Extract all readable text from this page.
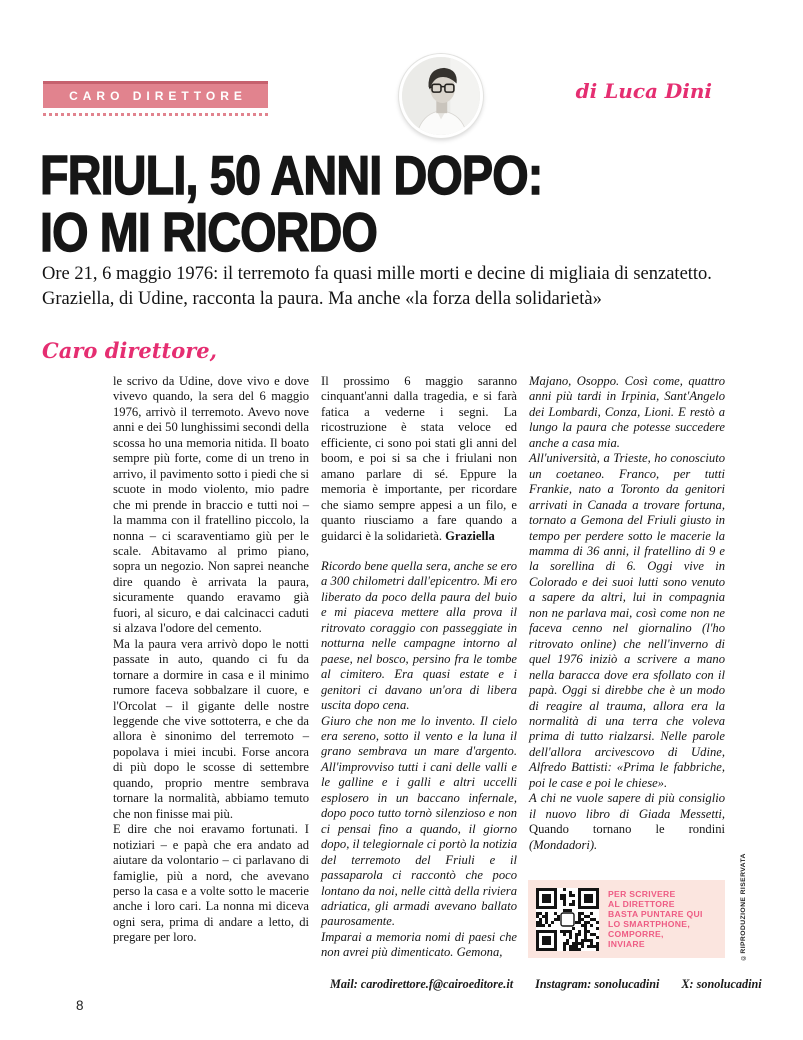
CARO DIRETTORE	di Luca Dini
FRIULI, 50 ANNI DOPO:
IO MI RICORDO
Ore 21, 6 maggio 1976: il terremoto fa quasi mille morti e decine di migliaia di senzatetto. Graziella, di Udine, racconta la paura. Ma anche «la forza della solidarietà»
Caro direttore,

le scrivo da Udine, dove vivo e dove vivevo quando, la sera del 6 maggio 1976, arrivò il terremoto. Avevo nove anni e dei 50 lunghissimi secondi della scossa ho una memoria nitida. Il boato sempre più forte, come di un treno in arrivo, il pavimento sotto i piedi che si scuote in modo violento, mio padre che mi prende in braccio e tutti noi – la mamma con il fratellino piccolo, la nonna – ci scaraventiamo giù per le scale. Abitavamo al primo piano, sopra un negozio. Non saprei neanche dire quando è arrivata la paura, sicuramente quando eravamo già fuori, al sicuro, e dai calcinacci caduti si alzava l'odore del cemento.

Ma la paura vera arrivò dopo le notti passate in auto, quando ci fu da tornare a dormire in casa e il minimo rumore faceva sobbalzare il cuore, e l'Orcolat – il gigante delle nostre leggende che vive sottoterra, e che da allora è sinonimo del terremoto – popolava i miei incubi. Forse ancora di più dopo le scosse di settembre quando, proprio mentre sembrava tornare la normalità, abbiamo temuto che non finisse mai più.

E dire che noi eravamo fortunati. I notiziari – e papà che era andato ad aiutare da volontario – ci parlavano di famiglie, più a nord, che avevano perso la casa e a volte sotto le macerie anche i loro cari. La nonna mi diceva ogni sera, prima di andare a letto, di pregare per loro.

Il prossimo 6 maggio saranno cinquant'anni dalla tragedia, e si farà fatica a vederne i segni. La ricostruzione è stata veloce ed efficiente, ci sono poi stati gli anni del boom, e poi si sa che i friulani non amano parlare di sé. Eppure la memoria è importante, per ricordare che siamo sempre appesi a un filo, e quanto riusciamo a fare quando a guidarci è la solidarietà. Graziella

Ricordo bene quella sera, anche se ero a 300 chilometri dall'epicentro. Mi ero liberato da poco della paura del buio e mi piaceva mettere alla prova il ritrovato coraggio con passeggiate in notturna nelle campagne intorno al paese, nel bosco, persino fra le tombe al cimitero. Era quasi estate e i genitori ci davano un'ora di libera uscita dopo cena.

Giuro che non me lo invento. Il cielo era sereno, sotto il vento e la luna il grano sembrava un mare d'argento. All'improvviso tutti i cani delle valli e le galline e i galli e altri uccelli esplosero in un baccano infernale, dopo poco tutto tornò silenzioso e non ci pensai fino a quando, il giorno dopo, il telegiornale ci portò la notizia del terremoto del Friuli e il passaparola ci raccontò che poco lontano da noi, nelle città della riviera adriatica, gli armadi avevano ballato paurosamente.

Imparai a memoria nomi di paesi che non avrei più dimenticato. Gemona,

Majano, Osoppo. Così come, quattro anni più tardi in Irpinia, Sant'Angelo dei Lombardi, Conza, Lioni. E restò a lungo la paura che potesse succedere anche a casa mia.

All'università, a Trieste, ho conosciuto un coetaneo. Franco, per tutti Frankie, nato a Toronto da genitori arrivati in Canada a trovare fortuna, tornato a Gemona del Friuli giusto in tempo per perdere sotto le macerie la mamma di 36 anni, il fratellino di 9 e la sorellina di 6. Oggi vive in Colorado e dei suoi lutti sono venuto a sapere da altri, lui in compagnia non ne parlava mai, così come non ne faceva cenno nel giornalino (l'ho ritrovato online) che nell'inverno di quel 1976 iniziò a scrivere a mano nella baracca dove era sfollato con il papà. Oggi si direbbe che è un modo di reagire al trauma, allora era la normalità di una terra che voleva prima di tutto rialzarsi. Nelle parole dell'allora arcivescovo di Udine, Alfredo Battisti: «Prima le fabbriche, poi le case e poi le chiese».

A chi ne vuole sapere di più consiglio il nuovo libro di Giada Messetti, Quando tornano le rondini (Mondadori).

PER SCRIVERE
AL DIRETTORE
BASTA PUNTARE QUI
LO SMARTPHONE,
COMPORRE,
INVIARE
Mail: carodirettore.f@cairoeditore.it Instagram: sonolucadini X: sonolucadini
8
©RIPRODUZIONE RISERVATA
